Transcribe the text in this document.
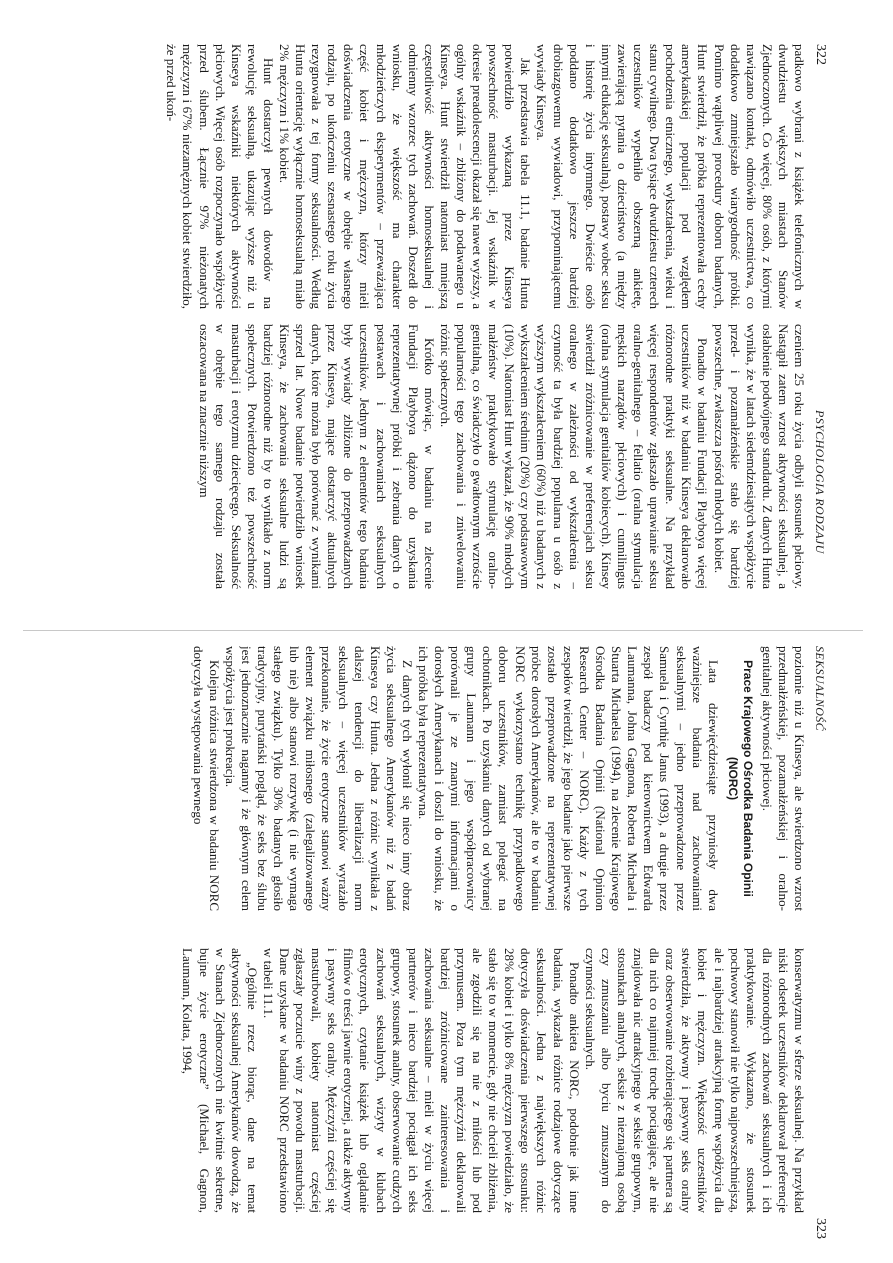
322
PSYCHOLOGIA RODZAJU

padkowo wybrani z książek telefonicznych w dwudziestu większych miastach Stanów Zjednoczonych. Co więcej, 80% osób, z którymi nawiązano kontakt, odmówiło uczestnictwa, co dodatkowo zmniejszało wiarygodność próbki. Pomimo wątpliwej procedury doboru badanych, Hunt stwierdził, że próbka reprezentowała cechy amerykańskiej populacji pod względem pochodzenia etnicznego, wykształcenia, wieku i stanu cywilnego. Dwa tysiące dwudziestu czterech uczestników wypełniło obszerną ankietę, zawierającą pytania o dzieciństwo (a między innymi edukację seksualną), postawy wobec seksu i historię życia intymnego. Dwieście osób poddano dodatkowo jeszcze bardziej drobiazgowemu wywiadowi, przypominającemu wywiady Kinseya.

Jak przedstawia tabela 11.1, badanie Hunta potwierdziło wykazaną przez Kinseya powszechność masturbacji. Jej wskaźnik w okresie preadolescencji okazał się nawet wyższy, a ogólny wskaźnik – zbliżony do podawanego u Kinseya. Hunt stwierdził natomiast mniejszą częstotliwość aktywności homoseksualnej i odmienny wzorzec tych zachowań. Doszedł do wniosku, że większość ma charakter młodzieńczych eksperymentów – przeważająca część kobiet i mężczyzn, którzy mieli doświadczenia erotyczne w obrębie własnego rodzaju, po ukończeniu szesnastego roku życia rezygnowała z tej formy seksualności. Według Hunta orientację wyłącznie homoseksualną miało 2% mężczyzn i 1% kobiet.

Hunt dostarczył pewnych dowodów na rewolucję seksualną, ukazując wyższe niż u Kinseya wskaźniki niektórych aktywności płciowych. Więcej osób rozpoczynało współżycie przed ślubem. Łącznie 97% nieżonatych mężczyzn i 67% niezamężnych kobiet stwierdziło, że przed ukoń-

czeniem 25 roku życia odbyli stosunek płciowy. Nastąpił zatem wzrost aktywności seksualnej, a osłabienie podwójnego standardu. Z danych Hunta wynika, że w latach siedemdziesiątych współżycie przed- i pozamałżeńskie stało się bardziej powszechne, zwłaszcza pośród młodych kobiet.

Ponadto w badaniu Fundacji Playboya więcej uczestników niż w badaniu Kinseya deklarowało różnorodne praktyki seksualne. Na przykład więcej respondentów zgłaszało uprawianie seksu oralno-genitalnego – fellatio (oralna stymulacja męskich narządów płciowych) i cunnilingus (oralna stymulacja genitaliów kobiecych). Kinsey stwierdził zróżnicowanie w preferencjach seksu oralnego w zależności od wykształcenia – czynność ta była bardziej popularna u osób z wyższym wykształceniem (60%) niż u badanych z wykształceniem średnim (20%) czy podstawowym (10%). Natomiast Hunt wykazał, że 90% młodych małżeństw praktykowało stymulację oralno-genitalną, co świadczyło o gwałtownym wzroście popularności tego zachowania i zniwelowaniu różnic społecznych.

Krótko mówiąc, w badaniu na zlecenie Fundacji Playboya dążono do uzyskania reprezentatywnej próbki i zebrania danych o postawach i zachowaniach seksualnych uczestników. Jednym z elementów tego badania były wywiady zbliżone do przeprowadzanych przez Kinseya, mające dostarczyć aktualnych danych, które można było porównać z wynikami sprzed lat. Nowe badanie potwierdziło wniosek Kinseya, że zachowania seksualne ludzi są bardziej różnorodne niż by to wynikało z norm społecznych. Potwierdzono też powszechność masturbacji i erotyzmu dziecięcego. Seksualność w obrębie tego samego rodzaju została oszacowana na znacznie niższym

SEKSUALNOŚĆ
323

poziomie niż u Kinseya, ale stwierdzono wzrost przedmałżeńskiej, pozamałżeńskiej i oralno-genitalnej aktywności płciowej.

Prace Krajowego Ośrodka Badania Opinii (NORC)

Lata dziewięćdziesiąte przyniosły dwa ważniejsze badania nad zachowaniami seksualnymi – jedno przeprowadzone przez Samuela i Cynthię Janus (1993), a drugie przez zespół badaczy pod kierownictwem Edwarda Laumanna, Johna Gagnona, Roberta Michaela i Stuarta Michaelsa (1994), na zlecenie Krajowego Ośrodka Badania Opinii (National Opinion Research Center – NORC). Każdy z tych zespołów twierdził, że jego badanie jako pierwsze zostało przeprowadzone na reprezentatywnej próbce dorosłych Amerykanów, ale to w badaniu NORC wykorzystano technikę przypadkowego doboru uczestników, zamiast polegać na ochotnikach. Po uzyskaniu danych od wybranej grupy Laumann i jego współpracownicy porównali je ze znanymi informacjami o dorosłych Amerykanach i doszli do wniosku, że ich próbka była reprezentatywna.

Z danych tych wyłonił się nieco inny obraz życia seksualnego Amerykanów niż z badań Kinseya czy Hunta. Jedna z różnic wynikała z dalszej tendencji do liberalizacji norm seksualnych – więcej uczestników wyrażało przekonanie, że życie erotyczne stanowi ważny element związku miłosnego (zalegalizowanego lub nie) albo stanowi rozrywkę (i nie wymaga stałego związku). Tylko 30% badanych głosiło tradycyjny, purytański pogląd, że seks bez ślubu jest jednoznacznie naganny i że głównym celem współżycia jest prokreacja.

Kolejna różnica stwierdzona w badaniu NORC dotyczyła występowania pewnego

konserwatyzmu w sferze seksualnej. Na przykład niski odsetek uczestników deklarował preferencje dla różnorodnych zachowań seksualnych i ich praktykowanie. Wykazano, że stosunek pochwowy stanowił nie tylko najpowszechniejszą, ale i najbardziej atrakcyjną formę współżycia dla kobiet i mężczyzn. Większość uczestników stwierdziła, że aktywny i pasywny seks oralny oraz obserwowanie rozbierającego się partnera są dla nich co najmniej trochę pociągające, ale nie znajdowała nic atrakcyjnego w seksie grupowym, stosunkach analnych, seksie z nieznajomą osobą czy zmuszaniu albo byciu zmuszanym do czynności seksualnych.

Ponadto ankieta NORC, podobnie jak inne badania, wykazała różnice rodzajowe dotyczące seksualności. Jedna z największych różnic dotyczyła doświadczenia pierwszego stosunku: 28% kobiet i tylko 8% mężczyzn powiedziało, że stało się to w momencie, gdy nie chcieli zbliżenia, ale zgodzili się na nie z miłości lub pod przymusem. Poza tym mężczyźni deklarowali bardziej zróżnicowane zainteresowania i zachowania seksualne – mieli w życiu więcej partnerów i nieco bardziej pociągał ich seks grupowy, stosunek analny, obserwowanie cudzych zachowań seksualnych, wizyty w klubach erotycznych, czytanie książek lub oglądanie filmów o treści jawnie erotycznej, a także aktywny i pasywny seks oralny. Mężczyźni częściej się masturbowali, kobiety natomiast częściej zgłaszały poczucie winy z powodu masturbacji. Dane uzyskane w badaniu NORC przedstawiono w tabeli 11.1.

„Ogólnie rzecz biorąc, dane na temat aktywności seksualnej Amerykanów dowodzą, że w Stanach Zjednoczonych nie kwitnie sekretne, bujne życie erotyczne” (Michael, Gagnon, Laumann, Kolata, 1994,
